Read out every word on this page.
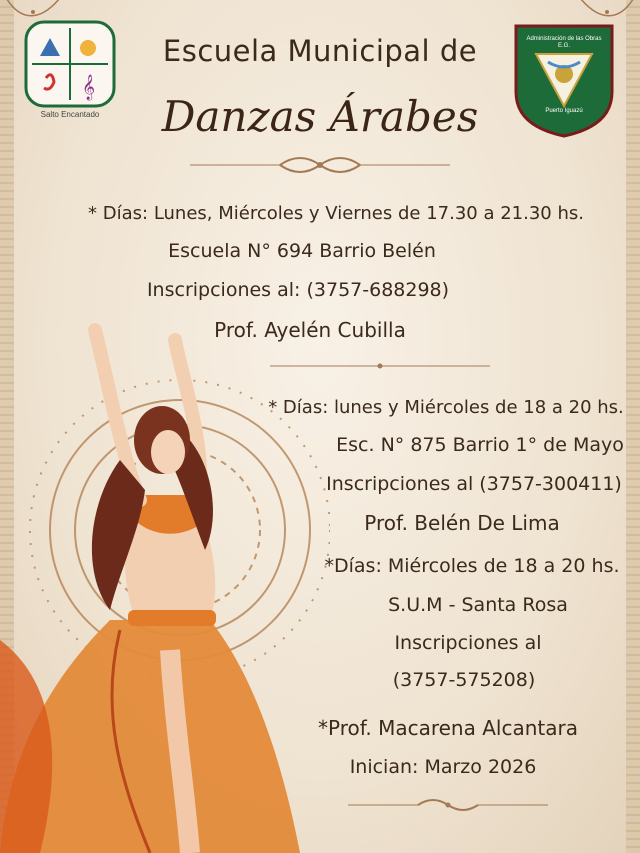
𝄞
Salto Encantado
Administración de las Obras E.G.
Puerto Iguazú
Escuela Municipal de
Danzas Árabes
* Días: Lunes, Miércoles y Viernes de 17.30 a 21.30 hs.
Escuela N° 694 Barrio Belén
Inscripciones al: (3757-688298)
Prof. Ayelén Cubilla
* Días: lunes y Miércoles de 18 a 20 hs.
Esc. N° 875 Barrio 1° de Mayo
Inscripciones al (3757-300411)
Prof. Belén De Lima
*Días: Miércoles de 18 a 20 hs.
S.U.M - Santa Rosa
Inscripciones al
(3757-575208)
*Prof. Macarena Alcantara
Inician: Marzo 2026
